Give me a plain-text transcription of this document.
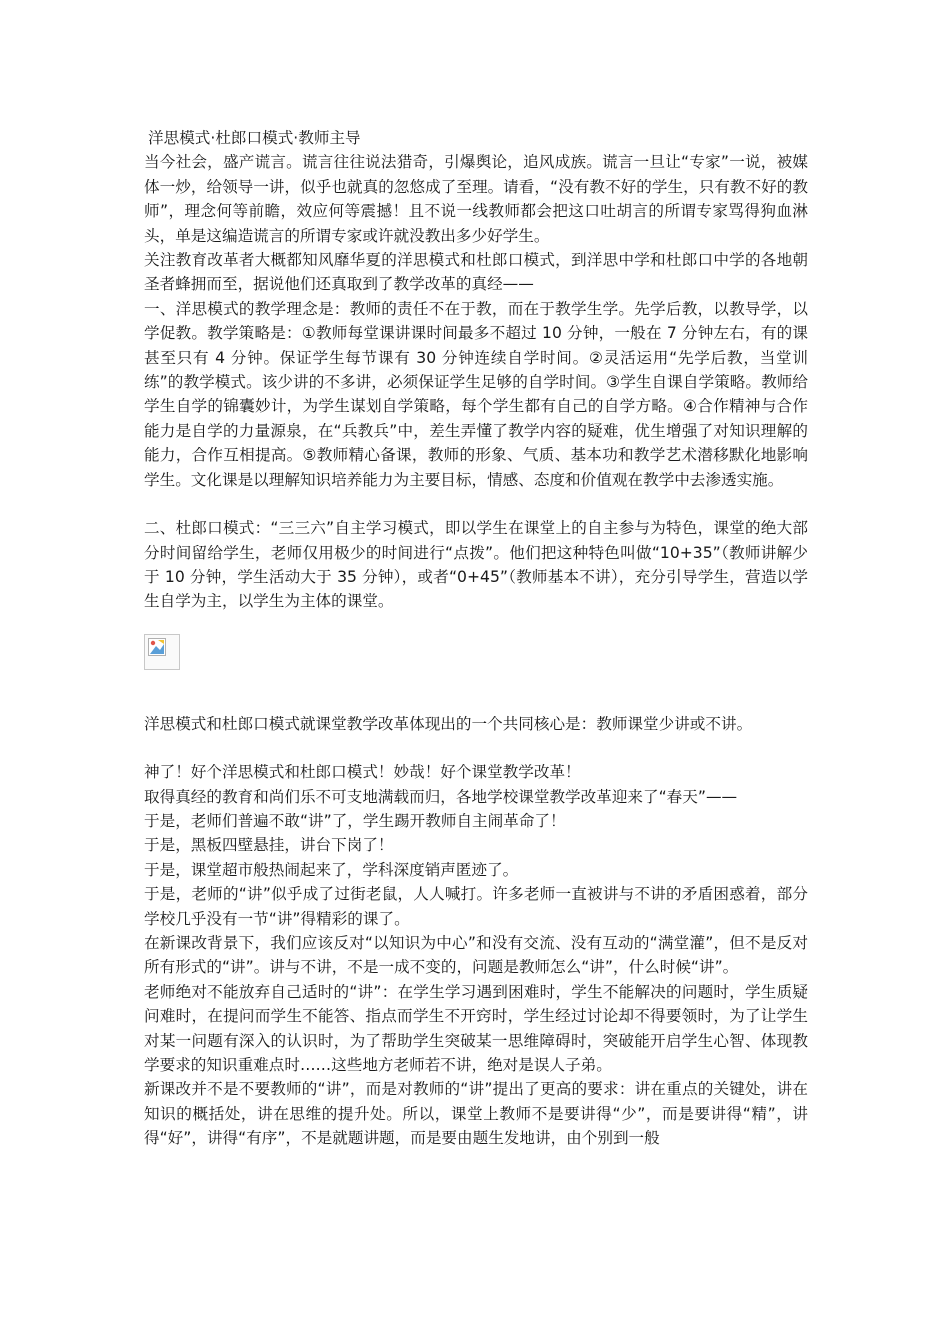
洋思模式·杜郎口模式·教师主导

当今社会，盛产谎言。谎言往往说法猎奇，引爆舆论，追风成族。谎言一旦让“专家”一说，被媒体一炒，给领导一讲，似乎也就真的忽悠成了至理。请看，“没有教不好的学生，只有教不好的教师”，理念何等前瞻，效应何等震撼！且不说一线教师都会把这口吐胡言的所谓专家骂得狗血淋头，单是这编造谎言的所谓专家或许就没教出多少好学生。

关注教育改革者大概都知风靡华夏的洋思模式和杜郎口模式，到洋思中学和杜郎口中学的各地朝圣者蜂拥而至，据说他们还真取到了教学改革的真经——

一、洋思模式的教学理念是：教师的责任不在于教，而在于教学生学。先学后教，以教导学，以学促教。教学策略是：①教师每堂课讲课时间最多不超过 10 分钟，一般在 7 分钟左右，有的课甚至只有 4 分钟。保证学生每节课有 30 分钟连续自学时间。②灵活运用“先学后教，当堂训练”的教学模式。该少讲的不多讲，必须保证学生足够的自学时间。③学生自课自学策略。教师给学生自学的锦囊妙计，为学生谋划自学策略，每个学生都有自己的自学方略。④合作精神与合作能力是自学的力量源泉，在“兵教兵”中，差生弄懂了教学内容的疑难，优生增强了对知识理解的能力，合作互相提高。⑤教师精心备课，教师的形象、气质、基本功和教学艺术潜移默化地影响学生。文化课是以理解知识培养能力为主要目标，情感、态度和价值观在教学中去渗透实施。

二、杜郎口模式：“三三六”自主学习模式，即以学生在课堂上的自主参与为特色，课堂的绝大部分时间留给学生，老师仅用极少的时间进行“点拨”。他们把这种特色叫做“10+35”（教师讲解少于 10 分钟，学生活动大于 35 分钟），或者“0+45”（教师基本不讲），充分引导学生，营造以学生自学为主，以学生为主体的课堂。

洋思模式和杜郎口模式就课堂教学改革体现出的一个共同核心是：教师课堂少讲或不讲。

神了！好个洋思模式和杜郎口模式！妙哉！好个课堂教学改革！

取得真经的教育和尚们乐不可支地满载而归，各地学校课堂教学改革迎来了“春天”——

于是，老师们普遍不敢“讲”了，学生踢开教师自主闹革命了！

于是，黑板四壁悬挂，讲台下岗了！

于是，课堂超市般热闹起来了，学科深度销声匿迹了。

于是，老师的“讲”似乎成了过街老鼠，人人喊打。许多老师一直被讲与不讲的矛盾困惑着，部分学校几乎没有一节“讲”得精彩的课了。

在新课改背景下，我们应该反对“以知识为中心”和没有交流、没有互动的“满堂灌”，但不是反对所有形式的“讲”。讲与不讲，不是一成不变的，问题是教师怎么“讲”，什么时候“讲”。

老师绝对不能放弃自己适时的“讲”：在学生学习遇到困难时，学生不能解决的问题时，学生质疑问难时，在提问而学生不能答、指点而学生不开窍时，学生经过讨论却不得要领时，为了让学生对某一问题有深入的认识时，为了帮助学生突破某一思维障碍时，突破能开启学生心智、体现教学要求的知识重难点时……这些地方老师若不讲，绝对是误人子弟。

新课改并不是不要教师的“讲”，而是对教师的“讲”提出了更高的要求：讲在重点的关键处，讲在知识的概括处，讲在思维的提升处。所以，课堂上教师不是要讲得“少”，而是要讲得“精”，讲得“好”，讲得“有序”，不是就题讲题，而是要由题生发地讲，由个别到一般
